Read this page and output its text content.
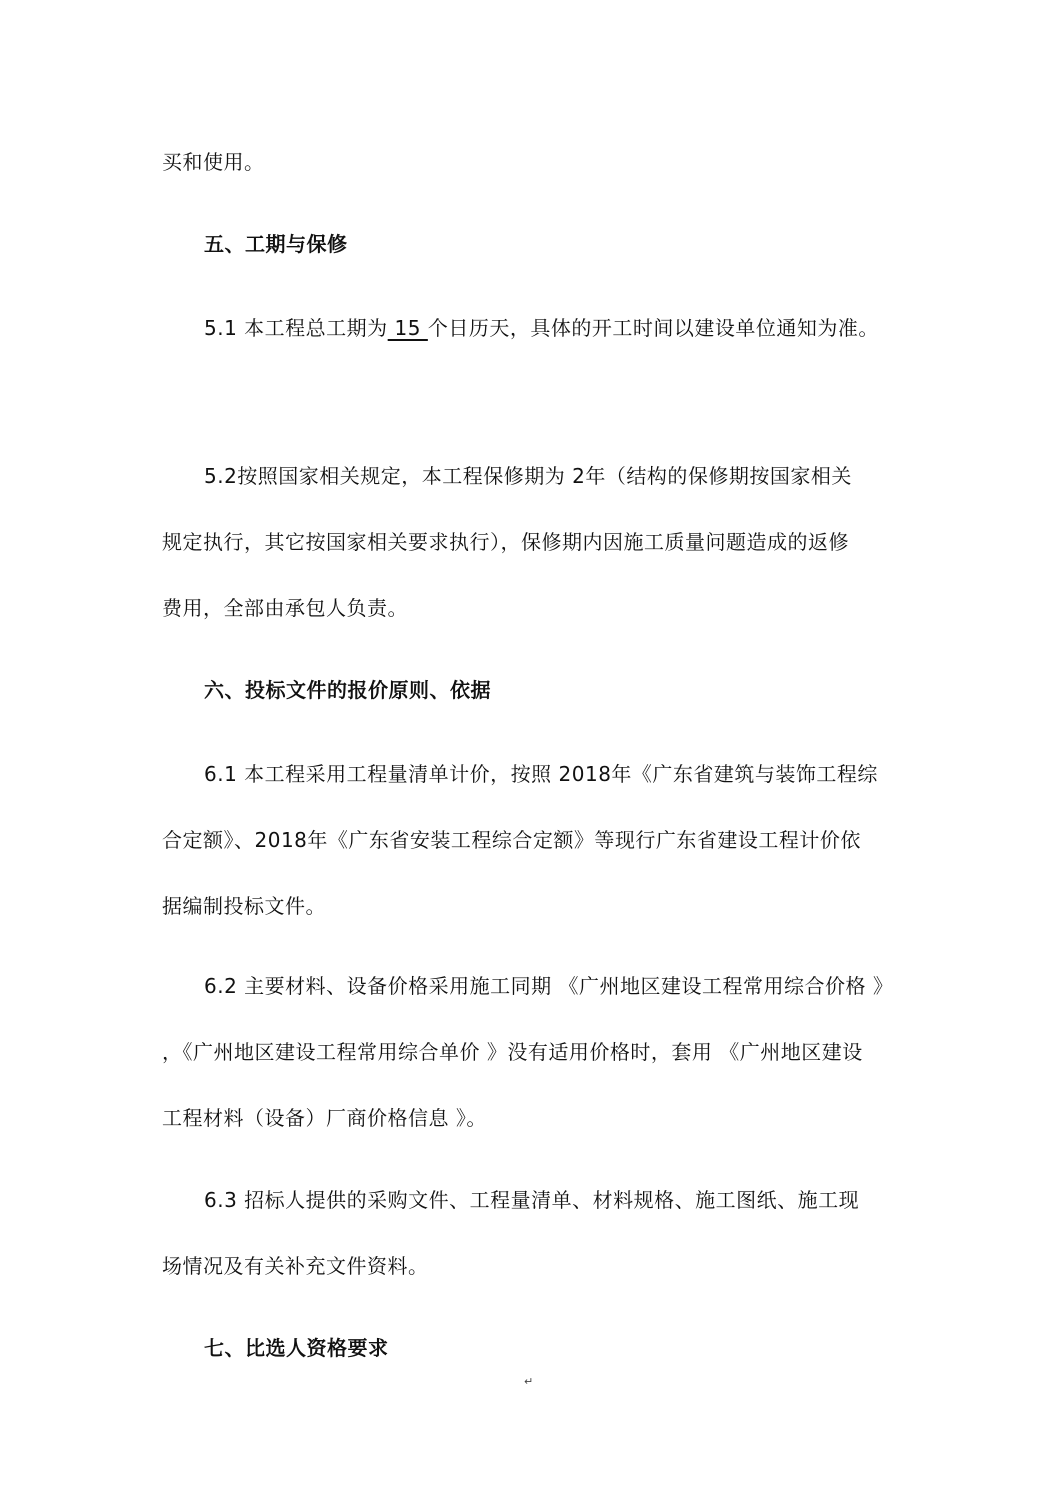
买和使用。
五、工期与保修
5.1 本工程总工期为 15 个日历天，具体的开工时间以建设单位通知为准。
5.2按照国家相关规定，本工程保修期为 2年（结构的保修期按国家相关
规定执行，其它按国家相关要求执行），保修期内因施工质量问题造成的返修
费用，全部由承包人负责。
六、投标文件的报价原则、依据
6.1 本工程采用工程量清单计价，按照 2018年《广东省建筑与装饰工程综
合定额》、2018年《广东省安装工程综合定额》等现行广东省建设工程计价依
据编制投标文件。
6.2 主要材料、设备价格采用施工同期 《广州地区建设工程常用综合价格 》
，《广州地区建设工程常用综合单价 》没有适用价格时，套用 《广州地区建设
工程材料（设备）厂商价格信息 》。
6.3 招标人提供的采购文件、工程量清单、材料规格、施工图纸、施工现
场情况及有关补充文件资料。
七、比选人资格要求
↵
